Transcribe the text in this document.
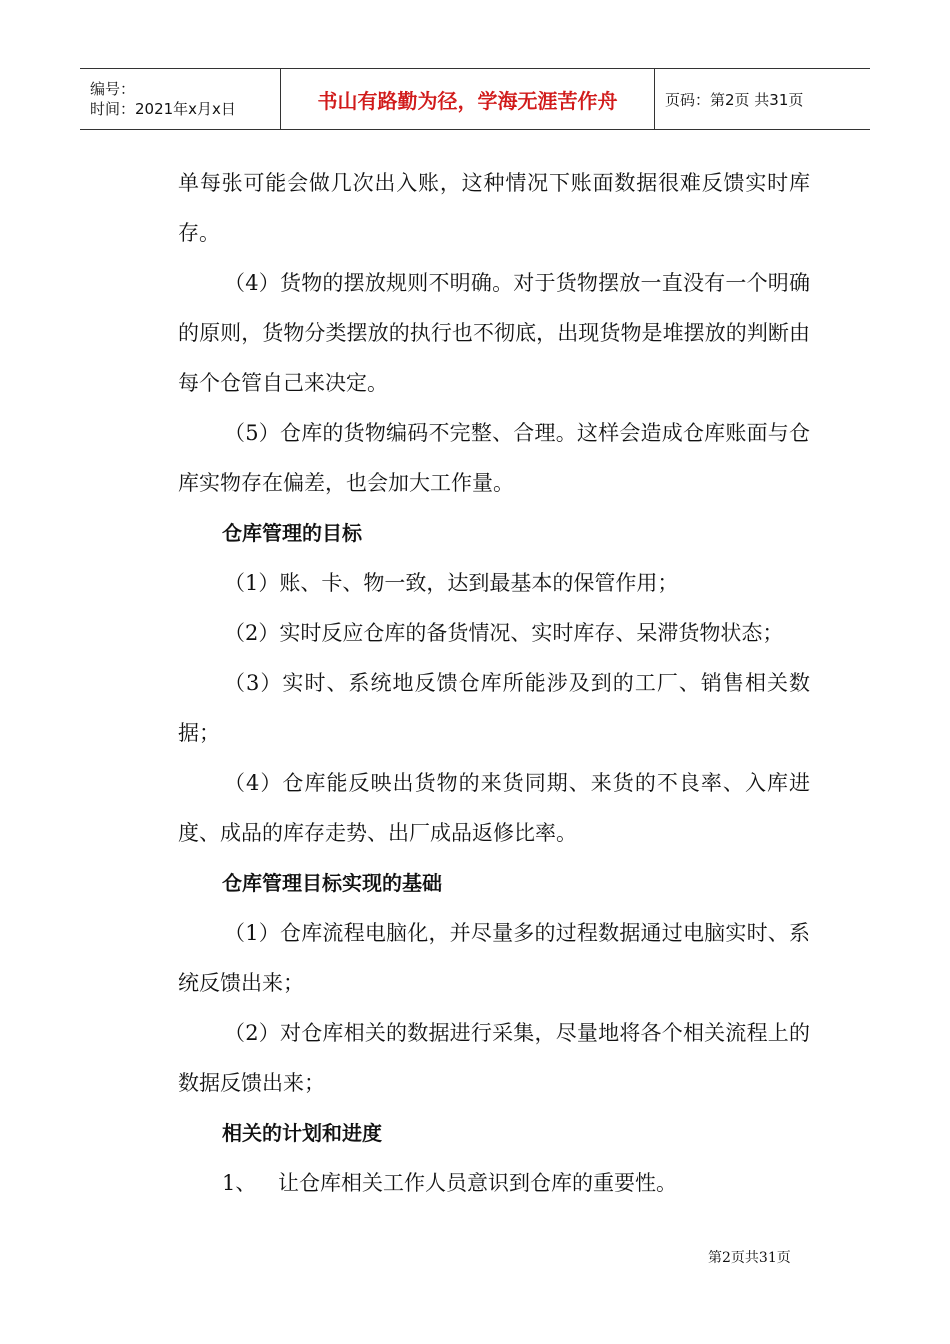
编号：
时间：2021年x月x日	书山有路勤为径，学海无涯苦作舟	页码：第2页 共31页

单每张可能会做几次出入账，这种情况下账面数据很难反馈实时库存。

（4）货物的摆放规则不明确。对于货物摆放一直没有一个明确的原则，货物分类摆放的执行也不彻底，出现货物是堆摆放的判断由每个仓管自己来决定。

（5）仓库的货物编码不完整、合理。这样会造成仓库账面与仓库实物存在偏差，也会加大工作量。

仓库管理的目标

（1）账、卡、物一致，达到最基本的保管作用；

（2）实时反应仓库的备货情况、实时库存、呆滞货物状态；

（3）实时、系统地反馈仓库所能涉及到的工厂、销售相关数据；

（4）仓库能反映出货物的来货同期、来货的不良率、入库进度、成品的库存走势、出厂成品返修比率。

仓库管理目标实现的基础

（1）仓库流程电脑化，并尽量多的过程数据通过电脑实时、系统反馈出来；

（2）对仓库相关的数据进行采集，尽量地将各个相关流程上的数据反馈出来；

相关的计划和进度

1、	让仓库相关工作人员意识到仓库的重要性。
第2页共31页
